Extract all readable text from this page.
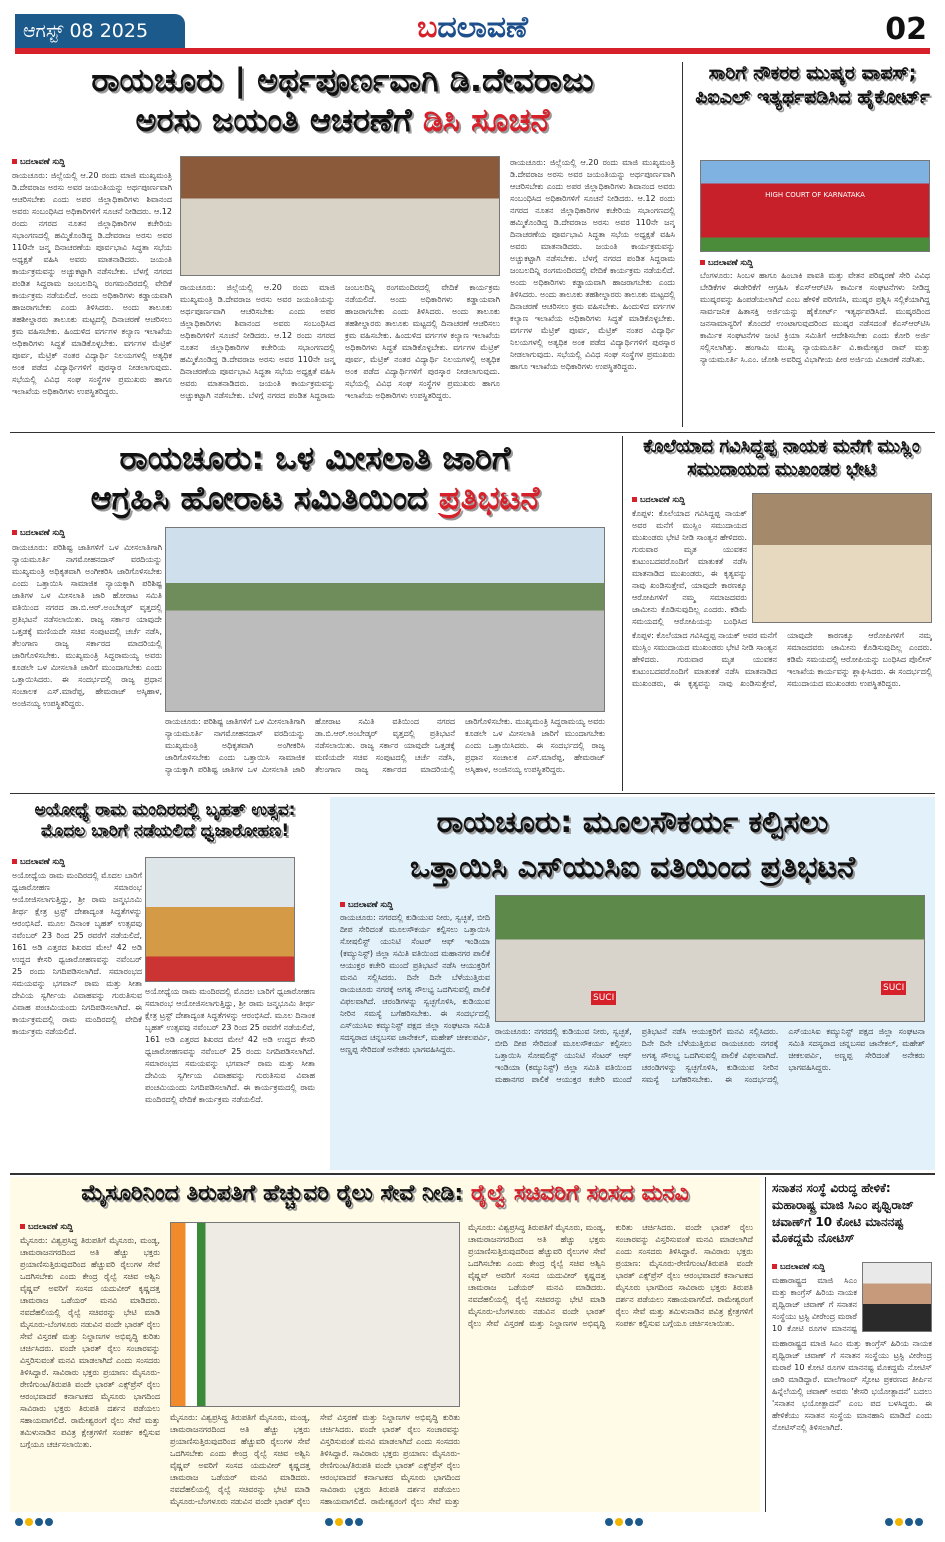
ಆಗಸ್ಟ್ 08 2025	ಬದಲಾವಣೆ	02
ರಾಯಚೂರು | ಅರ್ಥಪೂರ್ಣವಾಗಿ ಡಿ.ದೇವರಾಜು
ಅರಸು ಜಯಂತಿ ಆಚರಣೆಗೆ ಡಿಸಿ ಸೂಚನೆ
ಬದಲಾವಣೆ ಸುದ್ದಿ
ರಾಯಚೂರು: ಜಿಲ್ಲೆಯಲ್ಲಿ ಆ.20 ರಂದು ಮಾಜಿ ಮುಖ್ಯಮಂತ್ರಿ ಡಿ.ದೇವರಾಜ ಅರಸು ಅವರ ಜಯಂತಿಯನ್ನು ಅರ್ಥಪೂರ್ಣವಾಗಿ ಆಚರಿಸಬೇಕು ಎಂದು ಅಪರ ಜಿಲ್ಲಾಧಿಕಾರಿಗಳು ಶಿವಾನಂದ ಅವರು ಸಂಬಂಧಿಸಿದ ಅಧಿಕಾರಿಗಳಿಗೆ ಸೂಚನೆ ನೀಡಿದರು. ಆ.12 ರಂದು ನಗರದ ನೂತನ ಜಿಲ್ಲಾಧಿಕಾರಿಗಳ ಕಚೇರಿಯ ಸಭಾಂಗಣದಲ್ಲಿ ಹಮ್ಮಿಕೊಂಡಿದ್ದ ಡಿ.ದೇವರಾಜ ಅರಸು ಅವರ 110ನೇ ಜನ್ಮ ದಿನಾಚರಣೆಯ ಪೂರ್ವಭಾವಿ ಸಿದ್ಧತಾ ಸಭೆಯ ಅಧ್ಯಕ್ಷತೆ ವಹಿಸಿ ಅವರು ಮಾತನಾಡಿದರು. ಜಯಂತಿ ಕಾರ್ಯಕ್ರಮವನ್ನು ಅಚ್ಚುಕಟ್ಟಾಗಿ ನಡೆಸಬೇಕು. ಬೆಳಗ್ಗೆ ನಗರದ ಪಂಡಿತ ಸಿದ್ದರಾಮ ಜಂಬಲದಿನ್ನಿ ರಂಗಮಂದಿರದಲ್ಲಿ ವೇದಿಕೆ ಕಾರ್ಯಕ್ರಮ ನಡೆಯಲಿದೆ. ಅಂದು ಅಧಿಕಾರಿಗಳು ಕಡ್ಡಾಯವಾಗಿ ಹಾಜರಾಗಬೇಕು ಎಂದು ತಿಳಿಸಿದರು. ಅಂದು ತಾಲೂಕು ತಹಶೀಲ್ದಾರರು ತಾಲೂಕು ಮಟ್ಟದಲ್ಲಿ ದಿನಾಚರಣೆ ಆಚರಿಸಲು ಕ್ರಮ ವಹಿಸಬೇಕು. ಹಿಂದುಳಿದ ವರ್ಗಗಳ ಕಲ್ಯಾಣ ಇಲಾಖೆಯ ಅಧಿಕಾರಿಗಳು ಸಿದ್ಧತೆ ಮಾಡಿಕೊಳ್ಳಬೇಕು. ವರ್ಗಗಳ ಮೆಟ್ರಿಕ್ ಪೂರ್ವ, ಮೆಟ್ರಿಕ್ ನಂತರ ವಿದ್ಯಾರ್ಥಿ ನಿಲಯಗಳಲ್ಲಿ ಅತ್ಯಧಿಕ ಅಂಕ ಪಡೆದ ವಿದ್ಯಾರ್ಥಿಗಳಿಗೆ ಪುರಸ್ಕಾರ ನೀಡಲಾಗುವುದು. ಸಭೆಯಲ್ಲಿ ವಿವಿಧ ಸಂಘ ಸಂಸ್ಥೆಗಳ ಪ್ರಮುಖರು ಹಾಗೂ ಇಲಾಖೆಯ ಅಧಿಕಾರಿಗಳು ಉಪಸ್ಥಿತರಿದ್ದರು.
ರಾಯಚೂರು: ಜಿಲ್ಲೆಯಲ್ಲಿ ಆ.20 ರಂದು ಮಾಜಿ ಮುಖ್ಯಮಂತ್ರಿ ಡಿ.ದೇವರಾಜ ಅರಸು ಅವರ ಜಯಂತಿಯನ್ನು ಅರ್ಥಪೂರ್ಣವಾಗಿ ಆಚರಿಸಬೇಕು ಎಂದು ಅಪರ ಜಿಲ್ಲಾಧಿಕಾರಿಗಳು ಶಿವಾನಂದ ಅವರು ಸಂಬಂಧಿಸಿದ ಅಧಿಕಾರಿಗಳಿಗೆ ಸೂಚನೆ ನೀಡಿದರು. ಆ.12 ರಂದು ನಗರದ ನೂತನ ಜಿಲ್ಲಾಧಿಕಾರಿಗಳ ಕಚೇರಿಯ ಸಭಾಂಗಣದಲ್ಲಿ ಹಮ್ಮಿಕೊಂಡಿದ್ದ ಡಿ.ದೇವರಾಜ ಅರಸು ಅವರ 110ನೇ ಜನ್ಮ ದಿನಾಚರಣೆಯ ಪೂರ್ವಭಾವಿ ಸಿದ್ಧತಾ ಸಭೆಯ ಅಧ್ಯಕ್ಷತೆ ವಹಿಸಿ ಅವರು ಮಾತನಾಡಿದರು. ಜಯಂತಿ ಕಾರ್ಯಕ್ರಮವನ್ನು ಅಚ್ಚುಕಟ್ಟಾಗಿ ನಡೆಸಬೇಕು. ಬೆಳಗ್ಗೆ ನಗರದ ಪಂಡಿತ ಸಿದ್ದರಾಮ ಜಂಬಲದಿನ್ನಿ ರಂಗಮಂದಿರದಲ್ಲಿ ವೇದಿಕೆ ಕಾರ್ಯಕ್ರಮ ನಡೆಯಲಿದೆ. ಅಂದು ಅಧಿಕಾರಿಗಳು ಕಡ್ಡಾಯವಾಗಿ ಹಾಜರಾಗಬೇಕು ಎಂದು ತಿಳಿಸಿದರು. ಅಂದು ತಾಲೂಕು ತಹಶೀಲ್ದಾರರು ತಾಲೂಕು ಮಟ್ಟದಲ್ಲಿ ದಿನಾಚರಣೆ ಆಚರಿಸಲು ಕ್ರಮ ವಹಿಸಬೇಕು. ಹಿಂದುಳಿದ ವರ್ಗಗಳ ಕಲ್ಯಾಣ ಇಲಾಖೆಯ ಅಧಿಕಾರಿಗಳು ಸಿದ್ಧತೆ ಮಾಡಿಕೊಳ್ಳಬೇಕು. ವರ್ಗಗಳ ಮೆಟ್ರಿಕ್ ಪೂರ್ವ, ಮೆಟ್ರಿಕ್ ನಂತರ ವಿದ್ಯಾರ್ಥಿ ನಿಲಯಗಳಲ್ಲಿ ಅತ್ಯಧಿಕ ಅಂಕ ಪಡೆದ ವಿದ್ಯಾರ್ಥಿಗಳಿಗೆ ಪುರಸ್ಕಾರ ನೀಡಲಾಗುವುದು. ಸಭೆಯಲ್ಲಿ ವಿವಿಧ ಸಂಘ ಸಂಸ್ಥೆಗಳ ಪ್ರಮುಖರು ಹಾಗೂ ಇಲಾಖೆಯ ಅಧಿಕಾರಿಗಳು ಉಪಸ್ಥಿತರಿದ್ದರು.
ರಾಯಚೂರು: ಜಿಲ್ಲೆಯಲ್ಲಿ ಆ.20 ರಂದು ಮಾಜಿ ಮುಖ್ಯಮಂತ್ರಿ ಡಿ.ದೇವರಾಜ ಅರಸು ಅವರ ಜಯಂತಿಯನ್ನು ಅರ್ಥಪೂರ್ಣವಾಗಿ ಆಚರಿಸಬೇಕು ಎಂದು ಅಪರ ಜಿಲ್ಲಾಧಿಕಾರಿಗಳು ಶಿವಾನಂದ ಅವರು ಸಂಬಂಧಿಸಿದ ಅಧಿಕಾರಿಗಳಿಗೆ ಸೂಚನೆ ನೀಡಿದರು. ಆ.12 ರಂದು ನಗರದ ನೂತನ ಜಿಲ್ಲಾಧಿಕಾರಿಗಳ ಕಚೇರಿಯ ಸಭಾಂಗಣದಲ್ಲಿ ಹಮ್ಮಿಕೊಂಡಿದ್ದ ಡಿ.ದೇವರಾಜ ಅರಸು ಅವರ 110ನೇ ಜನ್ಮ ದಿನಾಚರಣೆಯ ಪೂರ್ವಭಾವಿ ಸಿದ್ಧತಾ ಸಭೆಯ ಅಧ್ಯಕ್ಷತೆ ವಹಿಸಿ ಅವರು ಮಾತನಾಡಿದರು. ಜಯಂತಿ ಕಾರ್ಯಕ್ರಮವನ್ನು ಅಚ್ಚುಕಟ್ಟಾಗಿ ನಡೆಸಬೇಕು. ಬೆಳಗ್ಗೆ ನಗರದ ಪಂಡಿತ ಸಿದ್ದರಾಮ ಜಂಬಲದಿನ್ನಿ ರಂಗಮಂದಿರದಲ್ಲಿ ವೇದಿಕೆ ಕಾರ್ಯಕ್ರಮ ನಡೆಯಲಿದೆ. ಅಂದು ಅಧಿಕಾರಿಗಳು ಕಡ್ಡಾಯವಾಗಿ ಹಾಜರಾಗಬೇಕು ಎಂದು ತಿಳಿಸಿದರು. ಅಂದು ತಾಲೂಕು ತಹಶೀಲ್ದಾರರು ತಾಲೂಕು ಮಟ್ಟದಲ್ಲಿ ದಿನಾಚರಣೆ ಆಚರಿಸಲು ಕ್ರಮ ವಹಿಸಬೇಕು. ಹಿಂದುಳಿದ ವರ್ಗಗಳ ಕಲ್ಯಾಣ ಇಲಾಖೆಯ ಅಧಿಕಾರಿಗಳು ಸಿದ್ಧತೆ ಮಾಡಿಕೊಳ್ಳಬೇಕು. ವರ್ಗಗಳ ಮೆಟ್ರಿಕ್ ಪೂರ್ವ, ಮೆಟ್ರಿಕ್ ನಂತರ ವಿದ್ಯಾರ್ಥಿ ನಿಲಯಗಳಲ್ಲಿ ಅತ್ಯಧಿಕ ಅಂಕ ಪಡೆದ ವಿದ್ಯಾರ್ಥಿಗಳಿಗೆ ಪುರಸ್ಕಾರ ನೀಡಲಾಗುವುದು. ಸಭೆಯಲ್ಲಿ ವಿವಿಧ ಸಂಘ ಸಂಸ್ಥೆಗಳ ಪ್ರಮುಖರು ಹಾಗೂ ಇಲಾಖೆಯ ಅಧಿಕಾರಿಗಳು ಉಪಸ್ಥಿತರಿದ್ದರು.
ಸಾರಿಗೆ ನೌಕರರ ಮುಷ್ಕರ ವಾಪಸ್; ಪಿಐಎಲ್ ಇತ್ಯರ್ಥಪಡಿಸಿದ ಹೈಕೋರ್ಟ್
HIGH COURT OF KARNATAKA
ಬದಲಾವಣೆ ಸುದ್ದಿ
ಬೆಂಗಳೂರು: ಸಿಂಬಳ ಹಾಗೂ ಹಿಂಬಾಕಿ ಪಾವತಿ ಮತ್ತು ವೇತನ ಪರಿಷ್ಕರಣೆ ಸೇರಿ ವಿವಿಧ ಬೇಡಿಕೆಗಳ ಈಡೇರಿಕೆಗೆ ಆಗ್ರಹಿಸಿ ಕೆಎಸ್ಆರ್‌ಟಿಸಿ ಕಾರ್ಮಿಕ ಸಂಘಟನೆಗಳು ನೀಡಿದ್ದ ಮುಷ್ಕರವನ್ನು ಹಿಂಪಡೆಯಲಾಗಿದೆ ಎಂಬ ಹೇಳಿಕೆ ಪರಿಗಣಿಸಿ, ಮುಷ್ಕರ ಪ್ರಶ್ನಿಸಿ ಸಲ್ಲಿಕೆಯಾಗಿದ್ದ ಸಾರ್ವಜನಿಕ ಹಿತಾಸಕ್ತಿ ಅರ್ಜಿಯನ್ನು ಹೈಕೋರ್ಟ್ ಇತ್ಯರ್ಥಪಡಿಸಿದೆ. ಮುಷ್ಕರದಿಂದ ಜನಸಾಮಾನ್ಯರಿಗೆ ತೊಂದರೆ ಉಂಟಾಗುವುದರಿಂದ ಮುಷ್ಕರ ನಡೆಸದಂತೆ ಕೆಎಸ್ಆರ್‌ಟಿಸಿ ಕಾರ್ಮಿಕ ಸಂಘಟನೆಗಳ ಜಂಟಿ ಕ್ರಿಯಾ ಸಮಿತಿಗೆ ಆದೇಶಿಸಬೇಕು ಎಂದು ಕೋರಿ ಅರ್ಜಿ ಸಲ್ಲಿಸಲಾಗಿತ್ತು. ಹಂಗಾಮಿ ಮುಖ್ಯ ನ್ಯಾಯಮೂರ್ತಿ ವಿ.ಕಾಮೇಶ್ವರ ರಾವ್ ಮತ್ತು ನ್ಯಾಯಮೂರ್ತಿ ಸಿ.ಎಂ. ಜೋಶಿ ಅವರಿದ್ದ ವಿಭಾಗೀಯ ಪೀಠ ಅರ್ಜಿಯ ವಿಚಾರಣೆ ನಡೆಸಿತು.
ರಾಯಚೂರು: ಒಳ ಮೀಸಲಾತಿ ಜಾರಿಗೆ
ಆಗ್ರಹಿಸಿ ಹೋರಾಟ ಸಮಿತಿಯಿಂದ ಪ್ರತಿಭಟನೆ
ಬದಲಾವಣೆ ಸುದ್ದಿ
ರಾಯಚೂರು: ಪರಿಶಿಷ್ಟ ಜಾತಿಗಳಿಗೆ ಒಳ ಮೀಸಲಾತಿಗಾಗಿ ನ್ಯಾಯಮೂರ್ತಿ ನಾಗಮೋಹನದಾಸ್ ವರದಿಯನ್ನು ಮುಖ್ಯಮಂತ್ರಿ ಅಧಿಕೃತವಾಗಿ ಅಂಗೀಕರಿಸಿ ಜಾರಿಗೊಳಿಸಬೇಕು ಎಂದು ಒತ್ತಾಯಿಸಿ ಸಾಮಾಜಿಕ ನ್ಯಾಯಕ್ಕಾಗಿ ಪರಿಶಿಷ್ಟ ಜಾತಿಗಳ ಒಳ ಮೀಸಲಾತಿ ಜಾರಿ ಹೋರಾಟ ಸಮಿತಿ ವತಿಯಿಂದ ನಗರದ ಡಾ.ಬಿ.ಆರ್.ಅಂಬೇಡ್ಕರ್ ವೃತ್ತದಲ್ಲಿ ಪ್ರತಿಭಟನೆ ನಡೆಸಲಾಯಿತು. ರಾಜ್ಯ ಸರ್ಕಾರ ಯಾವುದೇ ಒತ್ತಡಕ್ಕೆ ಮಣಿಯದೇ ಸಚಿವ ಸಂಪುಟದಲ್ಲಿ ಚರ್ಚೆ ನಡೆಸಿ, ತೆಲಂಗಾಣ ರಾಜ್ಯ ಸರ್ಕಾರದ ಮಾದರಿಯಲ್ಲಿ ಜಾರಿಗೊಳಿಸಬೇಕು. ಮುಖ್ಯಮಂತ್ರಿ ಸಿದ್ದರಾಮಯ್ಯ ಅವರು ಕೂಡಲೇ ಒಳ ಮೀಸಲಾತಿ ಜಾರಿಗೆ ಮುಂದಾಗಬೇಕು ಎಂದು ಒತ್ತಾಯಿಸಿದರು. ಈ ಸಂದರ್ಭದಲ್ಲಿ ರಾಜ್ಯ ಪ್ರಧಾನ ಸಂಚಾಲಕ ಎಸ್.ಮಾರೆಪ್ಪ, ಹೇಮರಾಜ್ ಅಸ್ಕಿಹಾಳ, ಅಂಜಿನಯ್ಯ ಉಪಸ್ಥಿತರಿದ್ದರು.
ರಾಯಚೂರು: ಪರಿಶಿಷ್ಟ ಜಾತಿಗಳಿಗೆ ಒಳ ಮೀಸಲಾತಿಗಾಗಿ ನ್ಯಾಯಮೂರ್ತಿ ನಾಗಮೋಹನದಾಸ್ ವರದಿಯನ್ನು ಮುಖ್ಯಮಂತ್ರಿ ಅಧಿಕೃತವಾಗಿ ಅಂಗೀಕರಿಸಿ ಜಾರಿಗೊಳಿಸಬೇಕು ಎಂದು ಒತ್ತಾಯಿಸಿ ಸಾಮಾಜಿಕ ನ್ಯಾಯಕ್ಕಾಗಿ ಪರಿಶಿಷ್ಟ ಜಾತಿಗಳ ಒಳ ಮೀಸಲಾತಿ ಜಾರಿ ಹೋರಾಟ ಸಮಿತಿ ವತಿಯಿಂದ ನಗರದ ಡಾ.ಬಿ.ಆರ್.ಅಂಬೇಡ್ಕರ್ ವೃತ್ತದಲ್ಲಿ ಪ್ರತಿಭಟನೆ ನಡೆಸಲಾಯಿತು. ರಾಜ್ಯ ಸರ್ಕಾರ ಯಾವುದೇ ಒತ್ತಡಕ್ಕೆ ಮಣಿಯದೇ ಸಚಿವ ಸಂಪುಟದಲ್ಲಿ ಚರ್ಚೆ ನಡೆಸಿ, ತೆಲಂಗಾಣ ರಾಜ್ಯ ಸರ್ಕಾರದ ಮಾದರಿಯಲ್ಲಿ ಜಾರಿಗೊಳಿಸಬೇಕು. ಮುಖ್ಯಮಂತ್ರಿ ಸಿದ್ದರಾಮಯ್ಯ ಅವರು ಕೂಡಲೇ ಒಳ ಮೀಸಲಾತಿ ಜಾರಿಗೆ ಮುಂದಾಗಬೇಕು ಎಂದು ಒತ್ತಾಯಿಸಿದರು. ಈ ಸಂದರ್ಭದಲ್ಲಿ ರಾಜ್ಯ ಪ್ರಧಾನ ಸಂಚಾಲಕ ಎಸ್.ಮಾರೆಪ್ಪ, ಹೇಮರಾಜ್ ಅಸ್ಕಿಹಾಳ, ಅಂಜಿನಯ್ಯ ಉಪಸ್ಥಿತರಿದ್ದರು.
ಕೊಲೆಯಾದ ಗವಿಸಿದ್ದಪ್ಪ ನಾಯಕ ಮನೆಗೆ ಮುಸ್ಲಿಂ ಸಮುದಾಯದ ಮುಖಂಡರ ಭೇಟಿ
ಬದಲಾವಣೆ ಸುದ್ದಿ
ಕೊಪ್ಪಳ: ಕೊಲೆಯಾದ ಗವಿಸಿದ್ದಪ್ಪ ನಾಯಕ್ ಅವರ ಮನೆಗೆ ಮುಸ್ಲಿಂ ಸಮುದಾಯದ ಮುಖಂಡರು ಭೇಟಿ ನೀಡಿ ಸಾಂತ್ವನ ಹೇಳಿದರು. ಗುರುವಾರ ಮೃತ ಯುವಕನ ಕುಟುಂಬದವರೊಂದಿಗೆ ಮಾತುಕತೆ ನಡೆಸಿ ಮಾತನಾಡಿದ ಮುಖಂಡರು, ಈ ಕೃತ್ಯವನ್ನು ನಾವು ಖಂಡಿಸುತ್ತೇವೆ, ಯಾವುದೇ ಕಾರಣಕ್ಕೂ ಆರೋಪಿಗಳಿಗೆ ನಮ್ಮ ಸಮಾಜದವರು ಜಾಮೀನು ಕೊಡಿಸುವುದಿಲ್ಲ ಎಂದರು. ಕಡಿಮೆ ಸಮಯದಲ್ಲಿ ಆರೋಪಿಯನ್ನು ಬಂಧಿಸಿದ
ಕೊಪ್ಪಳ: ಕೊಲೆಯಾದ ಗವಿಸಿದ್ದಪ್ಪ ನಾಯಕ್ ಅವರ ಮನೆಗೆ ಮುಸ್ಲಿಂ ಸಮುದಾಯದ ಮುಖಂಡರು ಭೇಟಿ ನೀಡಿ ಸಾಂತ್ವನ ಹೇಳಿದರು. ಗುರುವಾರ ಮೃತ ಯುವಕನ ಕುಟುಂಬದವರೊಂದಿಗೆ ಮಾತುಕತೆ ನಡೆಸಿ ಮಾತನಾಡಿದ ಮುಖಂಡರು, ಈ ಕೃತ್ಯವನ್ನು ನಾವು ಖಂಡಿಸುತ್ತೇವೆ, ಯಾವುದೇ ಕಾರಣಕ್ಕೂ ಆರೋಪಿಗಳಿಗೆ ನಮ್ಮ ಸಮಾಜದವರು ಜಾಮೀನು ಕೊಡಿಸುವುದಿಲ್ಲ ಎಂದರು. ಕಡಿಮೆ ಸಮಯದಲ್ಲಿ ಆರೋಪಿಯನ್ನು ಬಂಧಿಸಿದ ಪೊಲೀಸ್ ಇಲಾಖೆಯ ಕಾರ್ಯವನ್ನು ಶ್ಲಾಘಿಸಿದರು. ಈ ಸಂದರ್ಭದಲ್ಲಿ ಸಮುದಾಯದ ಮುಖಂಡರು ಉಪಸ್ಥಿತರಿದ್ದರು.
ಅಯೋಧ್ಯೆ ರಾಮ ಮಂದಿರದಲ್ಲಿ ಬೃಹತ್ ಉತ್ಸವ: ಮೊದಲ ಬಾರಿಗೆ ನಡೆಯಲಿದೆ ಧ್ವಜಾರೋಹಣ!
ಬದಲಾವಣೆ ಸುದ್ದಿ
ಅಯೋಧ್ಯೆಯ ರಾಮ ಮಂದಿರದಲ್ಲಿ ಮೊದಲ ಬಾರಿಗೆ ಧ್ವಜಾರೋಹಣ ಸಮಾರಂಭ ಆಯೋಜಿಸಲಾಗುತ್ತಿದ್ದು, ಶ್ರೀ ರಾಮ ಜನ್ಮಭೂಮಿ ತೀರ್ಥ ಕ್ಷೇತ್ರ ಟ್ರಸ್ಟ್ ದೇಶಾದ್ಯಂತ ಸಿದ್ಧತೆಗಳನ್ನು ಆರಂಭಿಸಿದೆ. ಮೂಲ ದಿನಾಂಕ ಬೃಹತ್ ಉತ್ಸವವು ನವೆಂಬರ್ 23 ರಿಂದ 25 ರವರೆಗೆ ನಡೆಯಲಿದೆ, 161 ಅಡಿ ಎತ್ತರದ ಶಿಖರದ ಮೇಲೆ 42 ಅಡಿ ಉದ್ದದ ಕೇಸರಿ ಧ್ವಜಾರೋಹಣವನ್ನು ನವೆಂಬರ್ 25 ರಂದು ನಿಗದಿಪಡಿಸಲಾಗಿದೆ. ಸಮಾರಂಭದ ಸಮಯವನ್ನು ಭಗವಾನ್ ರಾಮ ಮತ್ತು ಸೀತಾ ದೇವಿಯ ಸ್ವರ್ಗೀಯ ವಿವಾಹವನ್ನು ಗುರುತಿಸುವ ವಿವಾಹ ಪಂಚಮಿಯಂದು ನಿಗದಿಪಡಿಸಲಾಗಿದೆ. ಈ ಕಾರ್ಯಕ್ರಮದಲ್ಲಿ ರಾಮ ಮಂದಿರದಲ್ಲಿ ವೇದಿಕೆ ಕಾರ್ಯಕ್ರಮ ನಡೆಯಲಿದೆ.
ಅಯೋಧ್ಯೆಯ ರಾಮ ಮಂದಿರದಲ್ಲಿ ಮೊದಲ ಬಾರಿಗೆ ಧ್ವಜಾರೋಹಣ ಸಮಾರಂಭ ಆಯೋಜಿಸಲಾಗುತ್ತಿದ್ದು, ಶ್ರೀ ರಾಮ ಜನ್ಮಭೂಮಿ ತೀರ್ಥ ಕ್ಷೇತ್ರ ಟ್ರಸ್ಟ್ ದೇಶಾದ್ಯಂತ ಸಿದ್ಧತೆಗಳನ್ನು ಆರಂಭಿಸಿದೆ. ಮೂಲ ದಿನಾಂಕ ಬೃಹತ್ ಉತ್ಸವವು ನವೆಂಬರ್ 23 ರಿಂದ 25 ರವರೆಗೆ ನಡೆಯಲಿದೆ, 161 ಅಡಿ ಎತ್ತರದ ಶಿಖರದ ಮೇಲೆ 42 ಅಡಿ ಉದ್ದದ ಕೇಸರಿ ಧ್ವಜಾರೋಹಣವನ್ನು ನವೆಂಬರ್ 25 ರಂದು ನಿಗದಿಪಡಿಸಲಾಗಿದೆ. ಸಮಾರಂಭದ ಸಮಯವನ್ನು ಭಗವಾನ್ ರಾಮ ಮತ್ತು ಸೀತಾ ದೇವಿಯ ಸ್ವರ್ಗೀಯ ವಿವಾಹವನ್ನು ಗುರುತಿಸುವ ವಿವಾಹ ಪಂಚಮಿಯಂದು ನಿಗದಿಪಡಿಸಲಾಗಿದೆ. ಈ ಕಾರ್ಯಕ್ರಮದಲ್ಲಿ ರಾಮ ಮಂದಿರದಲ್ಲಿ ವೇದಿಕೆ ಕಾರ್ಯಕ್ರಮ ನಡೆಯಲಿದೆ.
ರಾಯಚೂರು: ಮೂಲಸೌಕರ್ಯ ಕಲ್ಪಿಸಲು
ಒತ್ತಾಯಿಸಿ ಎಸ್‌ಯುಸಿಐ ವತಿಯಿಂದ ಪ್ರತಿಭಟನೆ
ಬದಲಾವಣೆ ಸುದ್ದಿ
ರಾಯಚೂರು: ನಗರದಲ್ಲಿ ಕುಡಿಯುವ ನೀರು, ಸ್ವಚ್ಛತೆ, ಬೀದಿ ದೀಪ ಸೇರಿದಂತೆ ಮೂಲಸೌಕರ್ಯ ಕಲ್ಪಿಸಲು ಒತ್ತಾಯಿಸಿ ಸೋಷಲಿಸ್ಟ್ ಯುನಿಟಿ ಸೆಂಟರ್ ಆಫ್ ಇಂಡಿಯಾ (ಕಮ್ಯುನಿಸ್ಟ್) ಜಿಲ್ಲಾ ಸಮಿತಿ ವತಿಯಿಂದ ಮಹಾನಗರ ಪಾಲಿಕೆ ಆಯುಕ್ತರ ಕಚೇರಿ ಮುಂದೆ ಪ್ರತಿಭಟನೆ ನಡೆಸಿ ಆಯುಕ್ತರಿಗೆ ಮನವಿ ಸಲ್ಲಿಸಿದರು. ದಿನೇ ದಿನೇ ಬೆಳೆಯುತ್ತಿರುವ ರಾಯಚೂರು ನಗರಕ್ಕೆ ಅಗತ್ಯ ಸೌಲಭ್ಯ ಒದಗಿಸುವಲ್ಲಿ ಪಾಲಿಕೆ ವಿಫಲವಾಗಿದೆ. ಚರಂಡಿಗಳನ್ನು ಸ್ವಚ್ಛಗೊಳಿಸಿ, ಕುಡಿಯುವ ನೀರಿನ ಸಮಸ್ಯೆ ಬಗೆಹರಿಸಬೇಕು. ಈ ಸಂದರ್ಭದಲ್ಲಿ ಎಸ್‌ಯುಸಿಐ ಕಮ್ಯುನಿಸ್ಟ್ ಪಕ್ಷದ ಜಿಲ್ಲಾ ಸಂಘಟನಾ ಸಮಿತಿ ಸದಸ್ಯರಾದ ಚನ್ನಬಸವ ಜಾನೇಕಲ್, ಮಹೇಶ್ ಚೀಕಲಪರ್ವಿ, ಅಣ್ಣಪ್ಪ ಸೇರಿದಂತೆ ಅನೇಕರು ಭಾಗವಹಿಸಿದ್ದರು.
SUCI
SUCI
ರಾಯಚೂರು: ನಗರದಲ್ಲಿ ಕುಡಿಯುವ ನೀರು, ಸ್ವಚ್ಛತೆ, ಬೀದಿ ದೀಪ ಸೇರಿದಂತೆ ಮೂಲಸೌಕರ್ಯ ಕಲ್ಪಿಸಲು ಒತ್ತಾಯಿಸಿ ಸೋಷಲಿಸ್ಟ್ ಯುನಿಟಿ ಸೆಂಟರ್ ಆಫ್ ಇಂಡಿಯಾ (ಕಮ್ಯುನಿಸ್ಟ್) ಜಿಲ್ಲಾ ಸಮಿತಿ ವತಿಯಿಂದ ಮಹಾನಗರ ಪಾಲಿಕೆ ಆಯುಕ್ತರ ಕಚೇರಿ ಮುಂದೆ ಪ್ರತಿಭಟನೆ ನಡೆಸಿ ಆಯುಕ್ತರಿಗೆ ಮನವಿ ಸಲ್ಲಿಸಿದರು. ದಿನೇ ದಿನೇ ಬೆಳೆಯುತ್ತಿರುವ ರಾಯಚೂರು ನಗರಕ್ಕೆ ಅಗತ್ಯ ಸೌಲಭ್ಯ ಒದಗಿಸುವಲ್ಲಿ ಪಾಲಿಕೆ ವಿಫಲವಾಗಿದೆ. ಚರಂಡಿಗಳನ್ನು ಸ್ವಚ್ಛಗೊಳಿಸಿ, ಕುಡಿಯುವ ನೀರಿನ ಸಮಸ್ಯೆ ಬಗೆಹರಿಸಬೇಕು. ಈ ಸಂದರ್ಭದಲ್ಲಿ ಎಸ್‌ಯುಸಿಐ ಕಮ್ಯುನಿಸ್ಟ್ ಪಕ್ಷದ ಜಿಲ್ಲಾ ಸಂಘಟನಾ ಸಮಿತಿ ಸದಸ್ಯರಾದ ಚನ್ನಬಸವ ಜಾನೇಕಲ್, ಮಹೇಶ್ ಚೀಕಲಪರ್ವಿ, ಅಣ್ಣಪ್ಪ ಸೇರಿದಂತೆ ಅನೇಕರು ಭಾಗವಹಿಸಿದ್ದರು.
ಮೈಸೂರಿನಿಂದ ತಿರುಪತಿಗೆ ಹೆಚ್ಚುವರಿ ರೈಲು ಸೇವೆ ನೀಡಿ: ರೈಲ್ವೆ ಸಚಿವರಿಗೆ ಸಂಸದ ಮನವಿ
ಬದಲಾವಣೆ ಸುದ್ದಿ
ಮೈಸೂರು: ವಿಶ್ವಪ್ರಸಿದ್ಧ ತಿರುಪತಿಗೆ ಮೈಸೂರು, ಮಂಡ್ಯ, ಚಾಮರಾಜನಗರದಿಂದ ಅತಿ ಹೆಚ್ಚು ಭಕ್ತರು ಪ್ರಯಾಣಿಸುತ್ತಿರುವುದರಿಂದ ಹೆಚ್ಚುವರಿ ರೈಲುಗಳ ಸೇವೆ ಒದಗಿಸಬೇಕು ಎಂದು ಕೇಂದ್ರ ರೈಲ್ವೆ ಸಚಿವ ಅಶ್ವಿನಿ ವೈಷ್ಣವ್ ಅವರಿಗೆ ಸಂಸದ ಯದುವೀರ್ ಕೃಷ್ಣದತ್ತ ಚಾಮರಾಜ ಒಡೆಯರ್ ಮನವಿ ಮಾಡಿದರು. ನವದೆಹಲಿಯಲ್ಲಿ ರೈಲ್ವೆ ಸಚಿವರನ್ನು ಭೇಟಿ ಮಾಡಿ ಮೈಸೂರು-ಬೆಂಗಳೂರು ನಡುವಿನ ವಂದೇ ಭಾರತ್ ರೈಲು ಸೇವೆ ವಿಸ್ತರಣೆ ಮತ್ತು ನಿಲ್ದಾಣಗಳ ಅಭಿವೃದ್ಧಿ ಕುರಿತು ಚರ್ಚಿಸಿದರು. ವಂದೇ ಭಾರತ್ ರೈಲು ಸಂಚಾರವನ್ನು ವಿಸ್ತರಿಸುವಂತೆ ಮನವಿ ಮಾಡಲಾಗಿದೆ ಎಂದು ಸಂಸದರು ತಿಳಿಸಿದ್ದಾರೆ. ಸಾವಿರಾರು ಭಕ್ತರು ಪ್ರಯಾಣ: ಮೈಸೂರು-ರೇಣಿಗುಂಟ/ತಿರುಪತಿ ವಂದೇ ಭಾರತ್ ಎಕ್ಸ್‌ಪ್ರೆಸ್ ರೈಲು ಆರಂಭವಾದರೆ ಕರ್ನಾಟಕದ ಮೈಸೂರು ಭಾಗದಿಂದ ಸಾವಿರಾರು ಭಕ್ತರು ತಿರುಪತಿ ದರ್ಶನ ಪಡೆಯಲು ಸಹಾಯವಾಗಲಿದೆ. ರಾಮೇಶ್ವರಂಗೆ ರೈಲು ಸೇವೆ ಮತ್ತು ತಮಿಳುನಾಡಿನ ಪವಿತ್ರ ಕ್ಷೇತ್ರಗಳಿಗೆ ಸಂಪರ್ಕ ಕಲ್ಪಿಸುವ ಬಗ್ಗೆಯೂ ಚರ್ಚಿಸಲಾಯಿತು.
ಮೈಸೂರು: ವಿಶ್ವಪ್ರಸಿದ್ಧ ತಿರುಪತಿಗೆ ಮೈಸೂರು, ಮಂಡ್ಯ, ಚಾಮರಾಜನಗರದಿಂದ ಅತಿ ಹೆಚ್ಚು ಭಕ್ತರು ಪ್ರಯಾಣಿಸುತ್ತಿರುವುದರಿಂದ ಹೆಚ್ಚುವರಿ ರೈಲುಗಳ ಸೇವೆ ಒದಗಿಸಬೇಕು ಎಂದು ಕೇಂದ್ರ ರೈಲ್ವೆ ಸಚಿವ ಅಶ್ವಿನಿ ವೈಷ್ಣವ್ ಅವರಿಗೆ ಸಂಸದ ಯದುವೀರ್ ಕೃಷ್ಣದತ್ತ ಚಾಮರಾಜ ಒಡೆಯರ್ ಮನವಿ ಮಾಡಿದರು. ನವದೆಹಲಿಯಲ್ಲಿ ರೈಲ್ವೆ ಸಚಿವರನ್ನು ಭೇಟಿ ಮಾಡಿ ಮೈಸೂರು-ಬೆಂಗಳೂರು ನಡುವಿನ ವಂದೇ ಭಾರತ್ ರೈಲು ಸೇವೆ ವಿಸ್ತರಣೆ ಮತ್ತು ನಿಲ್ದಾಣಗಳ ಅಭಿವೃದ್ಧಿ ಕುರಿತು ಚರ್ಚಿಸಿದರು. ವಂದೇ ಭಾರತ್ ರೈಲು ಸಂಚಾರವನ್ನು ವಿಸ್ತರಿಸುವಂತೆ ಮನವಿ ಮಾಡಲಾಗಿದೆ ಎಂದು ಸಂಸದರು ತಿಳಿಸಿದ್ದಾರೆ. ಸಾವಿರಾರು ಭಕ್ತರು ಪ್ರಯಾಣ: ಮೈಸೂರು-ರೇಣಿಗುಂಟ/ತಿರುಪತಿ ವಂದೇ ಭಾರತ್ ಎಕ್ಸ್‌ಪ್ರೆಸ್ ರೈಲು ಆರಂಭವಾದರೆ ಕರ್ನಾಟಕದ ಮೈಸೂರು ಭಾಗದಿಂದ ಸಾವಿರಾರು ಭಕ್ತರು ತಿರುಪತಿ ದರ್ಶನ ಪಡೆಯಲು ಸಹಾಯವಾಗಲಿದೆ. ರಾಮೇಶ್ವರಂಗೆ ರೈಲು ಸೇವೆ ಮತ್ತು
ಮೈಸೂರು: ವಿಶ್ವಪ್ರಸಿದ್ಧ ತಿರುಪತಿಗೆ ಮೈಸೂರು, ಮಂಡ್ಯ, ಚಾಮರಾಜನಗರದಿಂದ ಅತಿ ಹೆಚ್ಚು ಭಕ್ತರು ಪ್ರಯಾಣಿಸುತ್ತಿರುವುದರಿಂದ ಹೆಚ್ಚುವರಿ ರೈಲುಗಳ ಸೇವೆ ಒದಗಿಸಬೇಕು ಎಂದು ಕೇಂದ್ರ ರೈಲ್ವೆ ಸಚಿವ ಅಶ್ವಿನಿ ವೈಷ್ಣವ್ ಅವರಿಗೆ ಸಂಸದ ಯದುವೀರ್ ಕೃಷ್ಣದತ್ತ ಚಾಮರಾಜ ಒಡೆಯರ್ ಮನವಿ ಮಾಡಿದರು. ನವದೆಹಲಿಯಲ್ಲಿ ರೈಲ್ವೆ ಸಚಿವರನ್ನು ಭೇಟಿ ಮಾಡಿ ಮೈಸೂರು-ಬೆಂಗಳೂರು ನಡುವಿನ ವಂದೇ ಭಾರತ್ ರೈಲು ಸೇವೆ ವಿಸ್ತರಣೆ ಮತ್ತು ನಿಲ್ದಾಣಗಳ ಅಭಿವೃದ್ಧಿ ಕುರಿತು ಚರ್ಚಿಸಿದರು. ವಂದೇ ಭಾರತ್ ರೈಲು ಸಂಚಾರವನ್ನು ವಿಸ್ತರಿಸುವಂತೆ ಮನವಿ ಮಾಡಲಾಗಿದೆ ಎಂದು ಸಂಸದರು ತಿಳಿಸಿದ್ದಾರೆ. ಸಾವಿರಾರು ಭಕ್ತರು ಪ್ರಯಾಣ: ಮೈಸೂರು-ರೇಣಿಗುಂಟ/ತಿರುಪತಿ ವಂದೇ ಭಾರತ್ ಎಕ್ಸ್‌ಪ್ರೆಸ್ ರೈಲು ಆರಂಭವಾದರೆ ಕರ್ನಾಟಕದ ಮೈಸೂರು ಭಾಗದಿಂದ ಸಾವಿರಾರು ಭಕ್ತರು ತಿರುಪತಿ ದರ್ಶನ ಪಡೆಯಲು ಸಹಾಯವಾಗಲಿದೆ. ರಾಮೇಶ್ವರಂಗೆ ರೈಲು ಸೇವೆ ಮತ್ತು ತಮಿಳುನಾಡಿನ ಪವಿತ್ರ ಕ್ಷೇತ್ರಗಳಿಗೆ ಸಂಪರ್ಕ ಕಲ್ಪಿಸುವ ಬಗ್ಗೆಯೂ ಚರ್ಚಿಸಲಾಯಿತು.
ಸನಾತನ ಸಂಸ್ಥೆ ವಿರುದ್ಧ ಹೇಳಿಕೆ: ಮಹಾರಾಷ್ಟ್ರ ಮಾಜಿ ಸಿಎಂ ಪೃಥ್ವಿರಾಜ್ ಚವಾಣ್‌ಗೆ 10 ಕೋಟಿ ಮಾನನಷ್ಟ ಮೊಕದ್ದಮೆ ನೋಟಿಸ್
ಬದಲಾವಣೆ ಸುದ್ದಿ
ಮಹಾರಾಷ್ಟ್ರದ ಮಾಜಿ ಸಿಎಂ ಮತ್ತು ಕಾಂಗ್ರೆಸ್ ಹಿರಿಯ ನಾಯಕ ಪೃಥ್ವಿರಾಜ್ ಚವಾಣ್ ಗೆ ಸನಾತನ ಸಂಸ್ಥೆಯು ಟ್ರಸ್ಟಿ ವೀರೇಂದ್ರ ಮರಾಠೆ 10 ಕೋಟಿ ರೂಗಳ ಮಾನನಷ್ಟ
ಮಹಾರಾಷ್ಟ್ರದ ಮಾಜಿ ಸಿಎಂ ಮತ್ತು ಕಾಂಗ್ರೆಸ್ ಹಿರಿಯ ನಾಯಕ ಪೃಥ್ವಿರಾಜ್ ಚವಾಣ್ ಗೆ ಸನಾತನ ಸಂಸ್ಥೆಯು ಟ್ರಸ್ಟಿ ವೀರೇಂದ್ರ ಮರಾಠೆ 10 ಕೋಟಿ ರೂಗಳ ಮಾನನಷ್ಟ ಮೊಕದ್ದಮೆ ನೋಟಿಸ್ ಜಾರಿ ಮಾಡಿದ್ದಾರೆ. ಮಾಲೆಗಾಂವ್ ಸ್ಫೋಟ ಪ್ರಕರಣದ ತೀರ್ಪಿನ ಹಿನ್ನೆಲೆಯಲ್ಲಿ ಚವಾಣ್ ಅವರು 'ಕೇಸರಿ ಭಯೋತ್ಪಾದನೆ' ಬದಲು 'ಸನಾತನ ಭಯೋತ್ಪಾದನೆ' ಎಂಬ ಪದ ಬಳಸಿದ್ದರು. ಈ ಹೇಳಿಕೆಯು ಸನಾತನ ಸಂಸ್ಥೆಯ ಮಾನಹಾನಿ ಮಾಡಿದೆ ಎಂದು ನೋಟಿಸ್‌ನಲ್ಲಿ ತಿಳಿಸಲಾಗಿದೆ.
